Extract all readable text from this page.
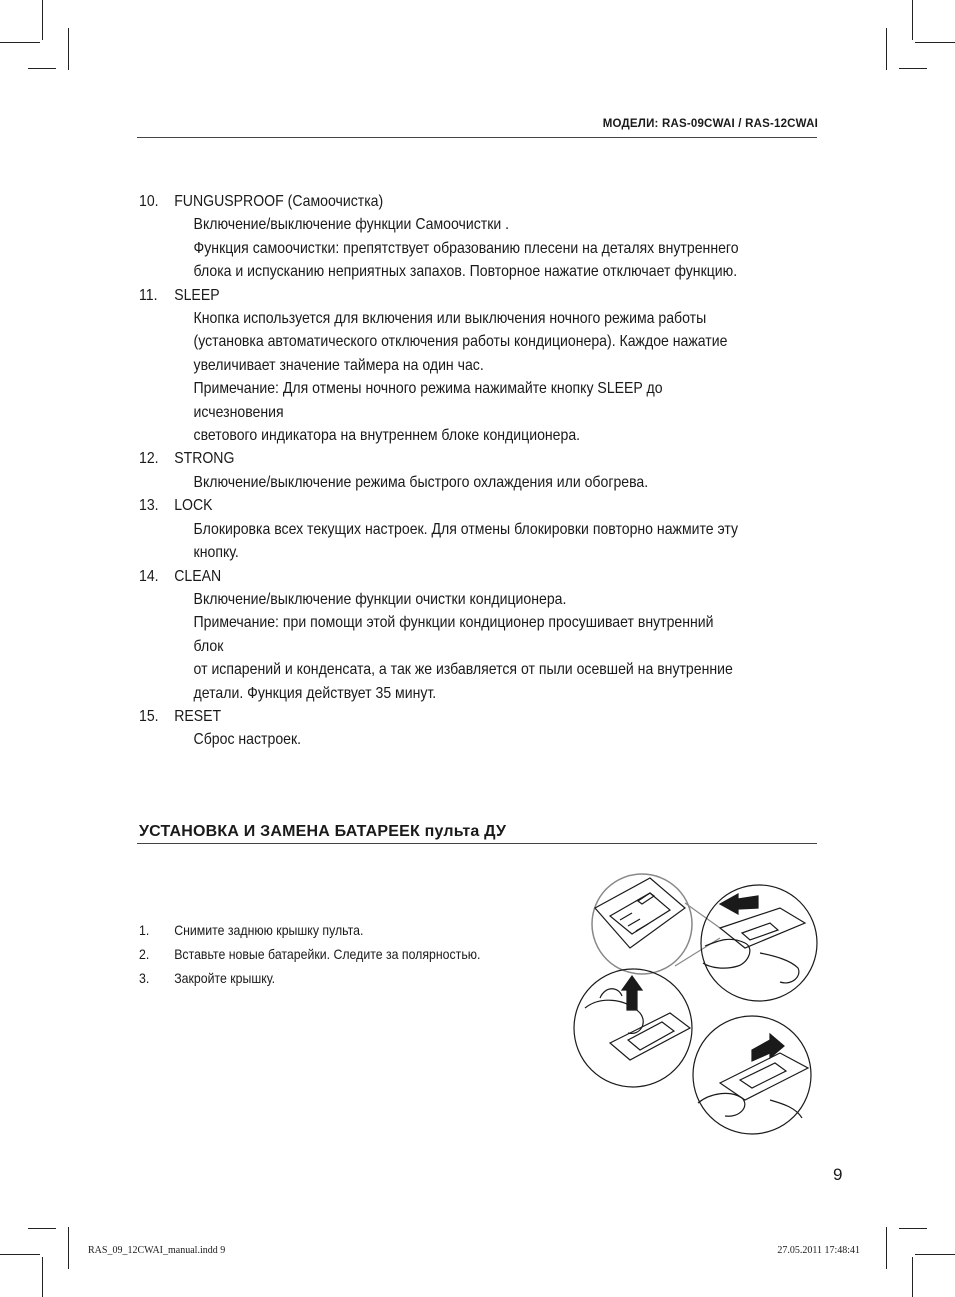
МОДЕЛИ: RAS-09CWAI / RAS-12CWAI
10. FUNGUSPROOF (Самоочистка)
Включение/выключение функции Самоочистки .
Функция самоочистки: препятствует образованию плесени на деталях внутреннего
блока и испусканию неприятных запахов. Повторное нажатие отключает функцию.
11.	SLEEP
Кнопка используется для включения или выключения ночного режима работы
(установка автоматического отключения работы кондиционера). Каждое нажатие
увеличивает значение таймера на один час.
Примечание: Для отмены ночного режима нажимайте кнопку SLEEP до исчезновения
светового индикатора на внутреннем блоке кондиционера.
12. STRONG
Включение/выключение режима быстрого охлаждения или обогрева.
13. LOCK
Блокировка всех текущих настроек. Для отмены блокировки повторно нажмите эту
кнопку.
14. CLEAN
Включение/выключение функции очистки кондиционера.
Примечание: при помощи этой функции кондиционер просушивает внутренний блок
от испарений и конденсата, а так же избавляется от пыли осевшей на внутренние
детали. Функция действует 35 минут.
15. RESET
Сброс настроек.
УСТАНОВКА И ЗАМЕНА БАТАРЕЕК пульта ДУ
1.	Снимите заднюю крышку пульта.
2.	Вставьте новые батарейки. Следите за полярностью.
3.	Закройте крышку.
9
RAS_09_12CWAI_manual.indd 9	27.05.2011 17:48:41
